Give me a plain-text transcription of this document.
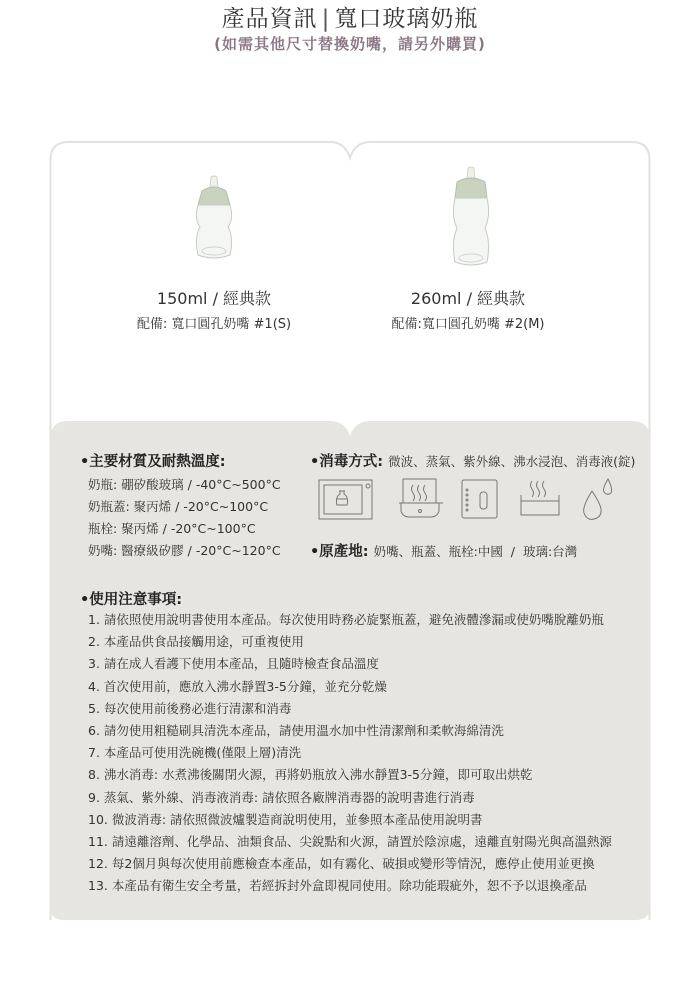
產品資訊 | 寬口玻璃奶瓶
150ml / 經典款
配備: 寬口圓孔奶嘴 #1(S)
260ml / 經典款
配備:寬口圓孔奶嘴 #2(M)
(如需其他尺寸替換奶嘴，請另外購買)
•主要材質及耐熱溫度:
奶瓶: 硼矽酸玻璃 / -40°C~500°C
奶瓶蓋: 聚丙烯 / -20°C~100°C
瓶栓: 聚丙烯 / -20°C~100°C
奶嘴: 醫療級矽膠 / -20°C~120°C
•消毒方式: 微波、蒸氣、紫外線、沸水浸泡、消毒液(錠)
•原產地: 奶嘴、瓶蓋、瓶栓:中國  /  玻璃:台灣
•使用注意事項:
1. 請依照使用說明書使用本產品。每次使用時務必旋緊瓶蓋，避免液體滲漏或使奶嘴脫離奶瓶
2. 本產品供食品接觸用途，可重複使用
3. 請在成人看護下使用本產品，且隨時檢查食品溫度
4. 首次使用前，應放入沸水靜置3-5分鐘，並充分乾燥
5. 每次使用前後務必進行清潔和消毒
6. 請勿使用粗糙刷具清洗本產品，請使用溫水加中性清潔劑和柔軟海綿清洗
7. 本產品可使用洗碗機(僅限上層)清洗
8. 沸水消毒: 水煮沸後關閉火源，再將奶瓶放入沸水靜置3-5分鐘，即可取出烘乾
9. 蒸氣、紫外線、消毒液消毒: 請依照各廠牌消毒器的說明書進行消毒
10. 微波消毒: 請依照微波爐製造商說明使用，並參照本產品使用說明書
11. 請遠離溶劑、化學品、油類食品、尖銳點和火源，請置於陰涼處，遠離直射陽光與高溫熱源
12. 每2個月與每次使用前應檢查本產品，如有霧化、破損或變形等情況，應停止使用並更換
13. 本產品有衛生安全考量，若經拆封外盒即視同使用。除功能瑕疵外，恕不予以退換產品
